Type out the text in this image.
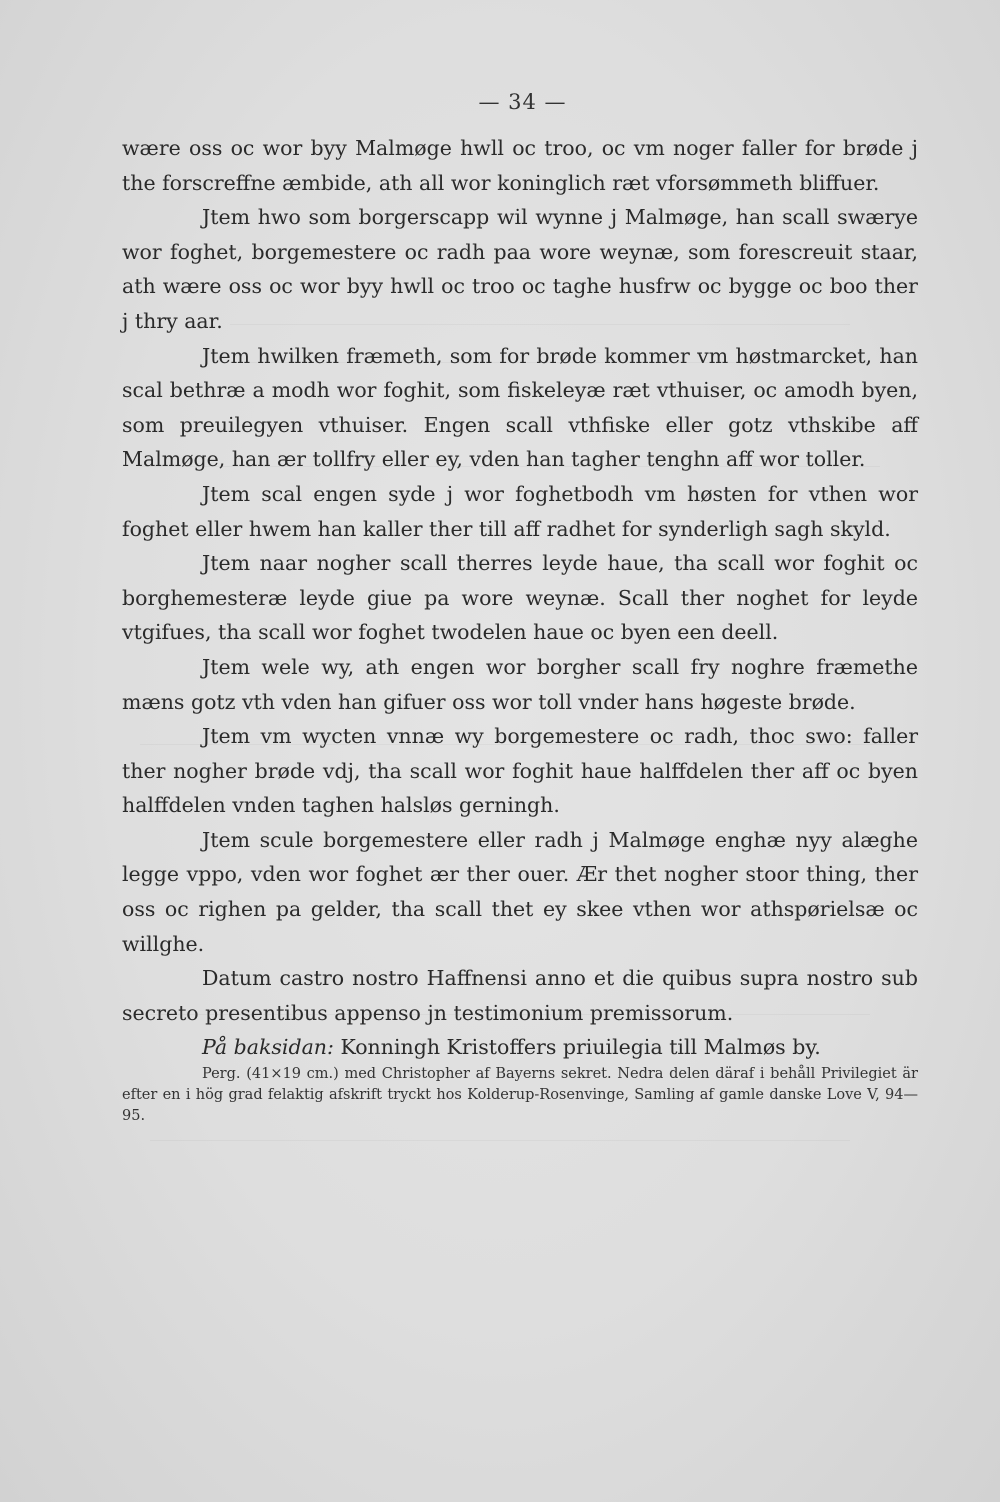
— 34 —

wære oss oc wor byy Malmøge hwll oc troo, oc vm noger faller for brøde j the forscreffne æmbide, ath all wor koninglich ræt vforsømmeth bliffuer.

Jtem hwo som borgerscapp wil wynne j Malmøge, han scall swærye wor foghet, borgemestere oc radh paa wore weynæ, som forescreuit staar, ath wære oss oc wor byy hwll oc troo oc taghe husfrw oc bygge oc boo ther j thry aar.

Jtem hwilken fræmeth, som for brøde kommer vm høstmarcket, han scal bethræ a modh wor foghit, som fiskeleyæ ræt vthuiser, oc amodh byen, som preuilegyen vthuiser. Engen scall vthfiske eller gotz vthskibe aff Malmøge, han ær tollfry eller ey, vden han tagher tenghn aff wor toller.

Jtem scal engen syde j wor foghetbodh vm høsten for vthen wor foghet eller hwem han kaller ther till aff radhet for synderligh sagh skyld.

Jtem naar nogher scall therres leyde haue, tha scall wor foghit oc borghemesteræ leyde giue pa wore weynæ. Scall ther noghet for leyde vtgifues, tha scall wor foghet twodelen haue oc byen een deell.

Jtem wele wy, ath engen wor borgher scall fry noghre fræmethe mæns gotz vth vden han gifuer oss wor toll vnder hans høgeste brøde.

Jtem vm wycten vnnæ wy borgemestere oc radh, thoc swo: faller ther nogher brøde vdj, tha scall wor foghit haue halffdelen ther aff oc byen halffdelen vnden taghen halsløs gerningh.

Jtem scule borgemestere eller radh j Malmøge enghæ nyy alæghe legge vppo, vden wor foghet ær ther ouer. Ær thet nogher stoor thing, ther oss oc righen pa gelder, tha scall thet ey skee vthen wor athspørielsæ oc willghe.

Datum castro nostro Haffnensi anno et die quibus supra nostro sub secreto presentibus appenso jn testimonium premissorum.

På baksidan: Konningh Kristoffers priuilegia till Malmøs by.

Perg. (41×19 cm.) med Christopher af Bayerns sekret. Nedra delen däraf i behåll Privilegiet är efter en i hög grad felaktig afskrift tryckt hos Kolderup-Rosenvinge, Samling af gamle danske Love V, 94—95.
